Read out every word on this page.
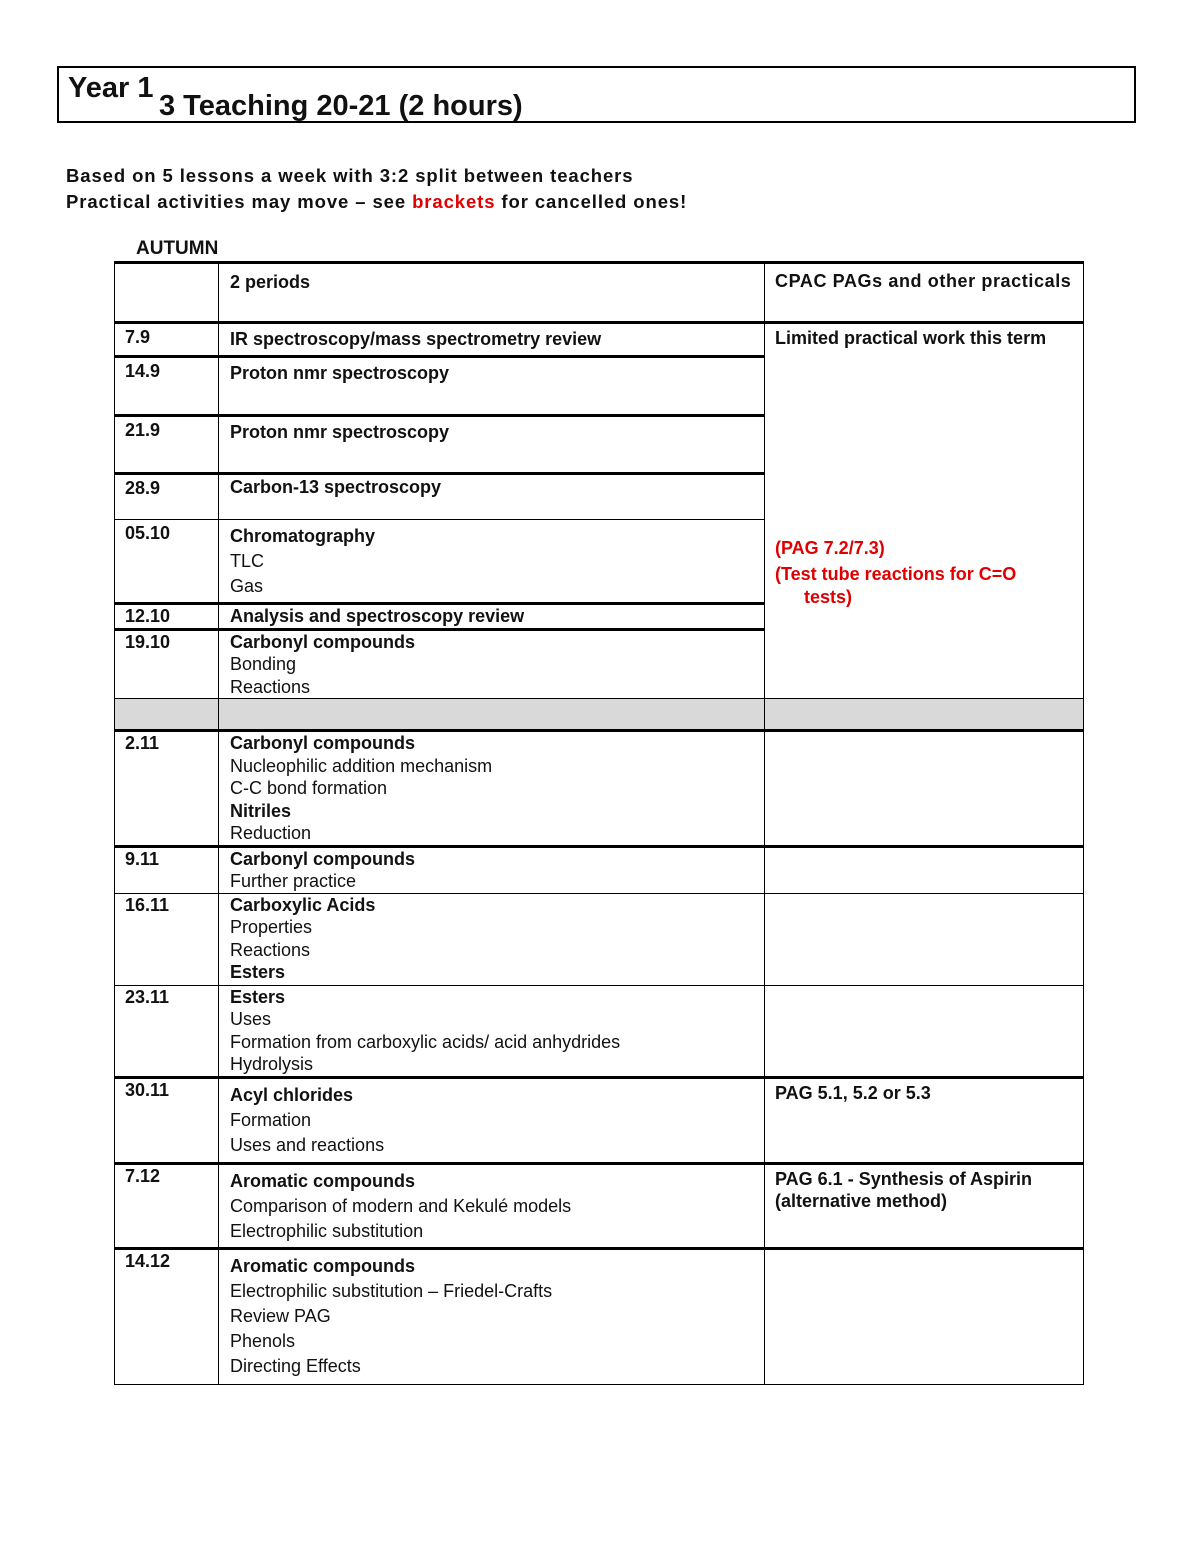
Year 1
3 Teaching 20-21 (2 hours)
Based on 5 lessons a week with 3:2 split between teachers
Practical activities may move – see brackets for cancelled ones!
AUTUMN

	2 periods	CPAC PAGs and other practicals

7.9	IR spectroscopy/mass spectrometry review	Limited practical work this term
(PAG 7.2/7.3)
(Test tube reactions for C=O
tests)

14.9	Proton nmr spectroscopy	

21.9	Proton nmr spectroscopy	

28.9	Carbon-13 spectroscopy	

05.10	Chromatography
TLC
Gas	

12.10	Analysis and spectroscopy review	

19.10	Carbonyl compounds
Bonding
Reactions	

2.11	Carbonyl compounds
Nucleophilic addition mechanism
C-C bond formation
Nitriles
Reduction	

9.11	Carbonyl compounds
Further practice	

16.11	Carboxylic Acids
Properties
Reactions
Esters	

23.11	Esters
Uses
Formation from carboxylic acids/ acid anhydrides
Hydrolysis	

30.11	Acyl chlorides
Formation
Uses and reactions	PAG 5.1, 5.2 or 5.3

7.12	Aromatic compounds
Comparison of modern and Kekulé models
Electrophilic substitution	PAG 6.1 - Synthesis of Aspirin
(alternative method)

14.12	Aromatic compounds
Electrophilic substitution – Friedel-Crafts
Review PAG
Phenols
Directing Effects	
